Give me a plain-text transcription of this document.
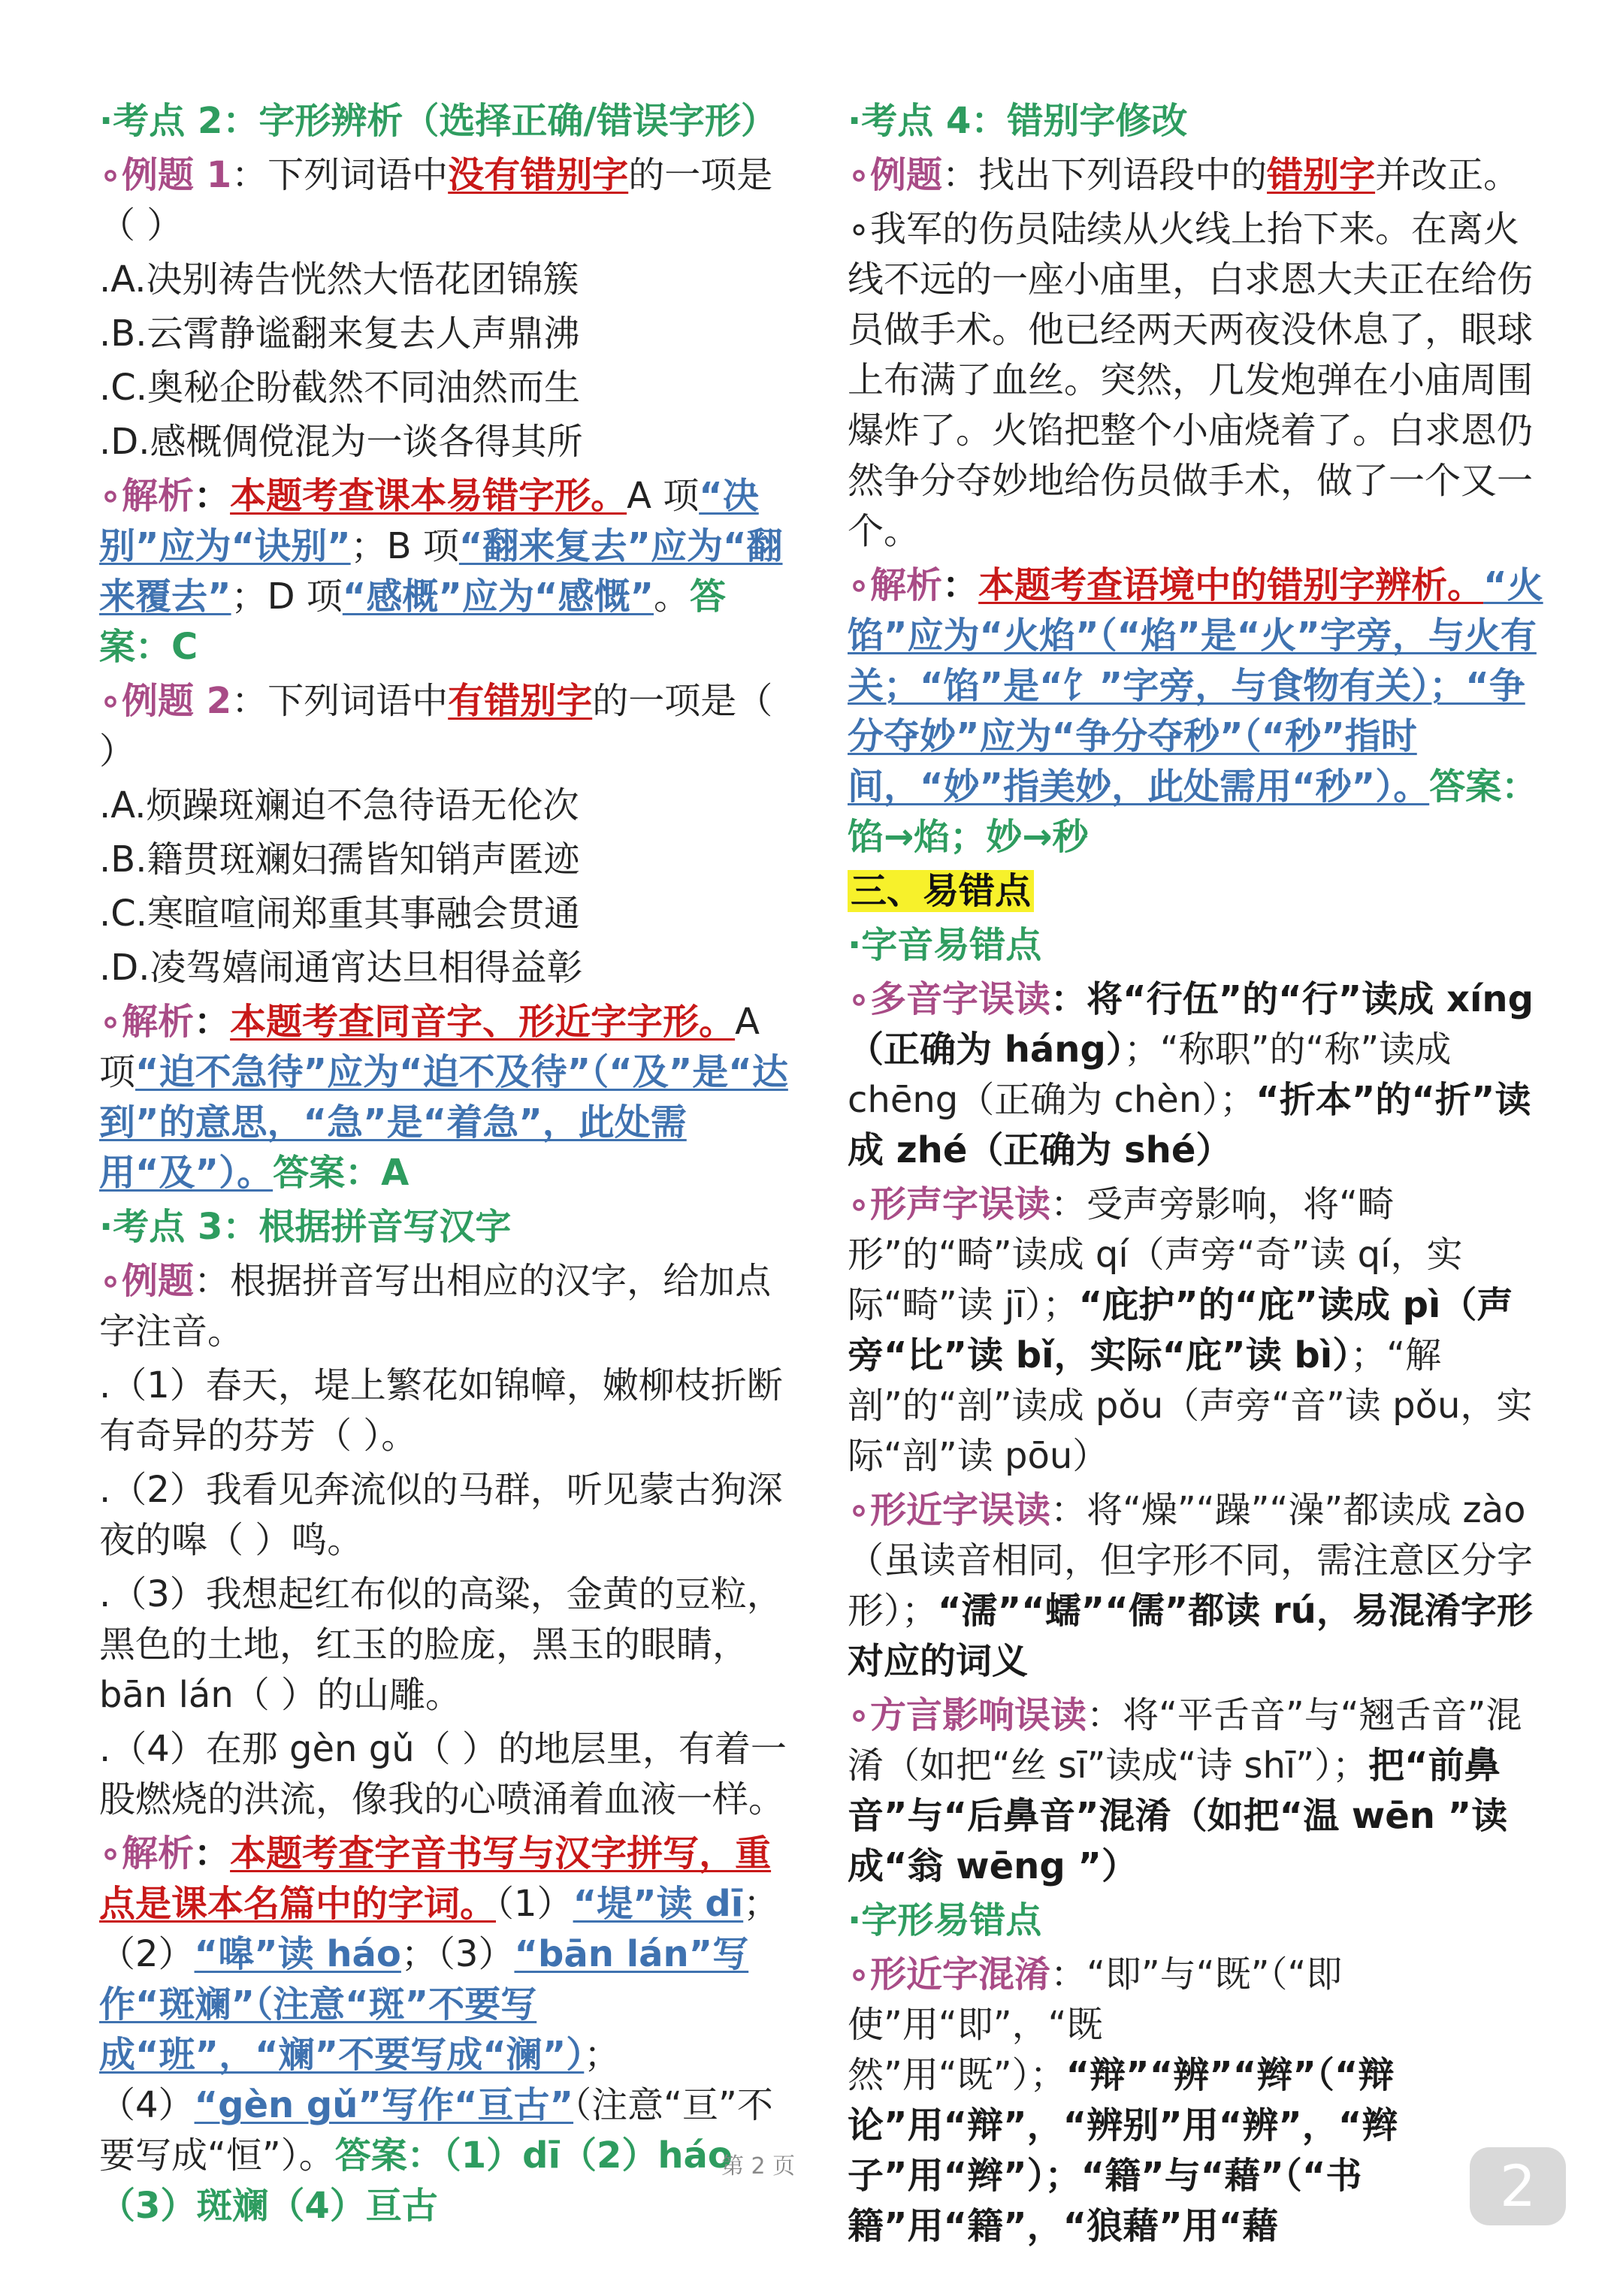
·考点 2：字形辨析（选择正确/错误字形）

∘例题 1：下列词语中没有错别字的一项是
（ ）

.A.决别祷告恍然大悟花团锦簇

.B.云霄静谧翻来复去人声鼎沸

.C.奥秘企盼截然不同油然而生

.D.感概倜傥混为一谈各得其所

∘解析：本题考查课本易错字形。A 项“决别”应为“诀别”；B 项“翻来复去”应为“翻来覆去”；D 项“感概”应为“感慨”。答案：C

∘例题 2：下列词语中有错别字的一项是（ ）

.A.烦躁斑斓迫不急待语无伦次

.B.籍贯斑斓妇孺皆知销声匿迹

.C.寒暄喧闹郑重其事融会贯通

.D.凌驾嬉闹通宵达旦相得益彰

∘解析：本题考查同音字、形近字字形。A 项“迫不急待”应为“迫不及待”（“及”是“达到”的意思，“急”是“着急”，此处需用“及”）。答案：A

·考点 3：根据拼音写汉字

∘例题：根据拼音写出相应的汉字，给加点字注音。

.（1）春天，堤上繁花如锦幛，嫩柳枝折断有奇异的芬芳（ ）。

.（2）我看见奔流似的马群，听见蒙古狗深夜的嗥（ ）鸣。

.（3）我想起红布似的高粱，金黄的豆粒，黑色的土地，红玉的脸庞，黑玉的眼睛，bān lán（ ）的山雕。

.（4）在那 gèn gǔ（ ）的地层里，有着一股燃烧的洪流，像我的心喷涌着血液一样。

∘解析：本题考查字音书写与汉字拼写，重点是课本名篇中的字词。（1）“堤”读 dī；（2）“嗥”读 háo；（3）“bān lán”写作“斑斓”（注意“斑”不要写成“班”，“斓”不要写成“澜”）；（4）“gèn gǔ”写作“亘古”（注意“亘”不要写成“恒”）。答案：（1）dī（2）háo（3）斑斓（4）亘古

·考点 4：错别字修改

∘例题：找出下列语段中的错别字并改正。

∘我军的伤员陆续从火线上抬下来。在离火线不远的一座小庙里，白求恩大夫正在给伤员做手术。他已经两天两夜没休息了，眼球上布满了血丝。突然，几发炮弹在小庙周围爆炸了。火馅把整个小庙烧着了。白求恩仍然争分夺妙地给伤员做手术，做了一个又一个。

∘解析：本题考查语境中的错别字辨析。“火馅”应为“火焰”（“焰”是“火”字旁，与火有关；“馅”是“饣”字旁，与食物有关）；“争分夺妙”应为“争分夺秒”（“秒”指时间，“妙”指美妙，此处需用“秒”）。答案：馅→焰；妙→秒

三、易错点

·字音易错点

∘多音字误读：将“行伍”的“行”读成 xíng（正确为 háng）；“称职”的“称”读成 chēng（正确为 chèn）；“折本”的“折”读成 zhé（正确为 shé）

∘形声字误读：受声旁影响，将“畸形”的“畸”读成 qí（声旁“奇”读 qí，实际“畸”读 jī）；“庇护”的“庇”读成 pì（声旁“比”读 bǐ，实际“庇”读 bì）；“解剖”的“剖”读成 pǒu（声旁“音”读 pǒu，实际“剖”读 pōu）

∘形近字误读：将“燥”“躁”“澡”都读成 zào（虽读音相同，但字形不同，需注意区分字形）；“濡”“蠕”“儒”都读 rú，易混淆字形对应的词义

∘方言影响误读：将“平舌音”与“翘舌音”混淆（如把“丝 sī”读成“诗 shī”）；把“前鼻音”与“后鼻音”混淆（如把“温 wēn ”读成“翁 wēng ”）

·字形易错点

∘形近字混淆：“即”与“既”（“即使”用“即”，“既然”用“既”）；“辩”“辨”“辫”（“辩论”用“辩”，“辨别”用“辨”，“辫子”用“辫”）；“籍”与“藉”（“书籍”用“籍”，“狼藉”用“藉

第 2 页	2
